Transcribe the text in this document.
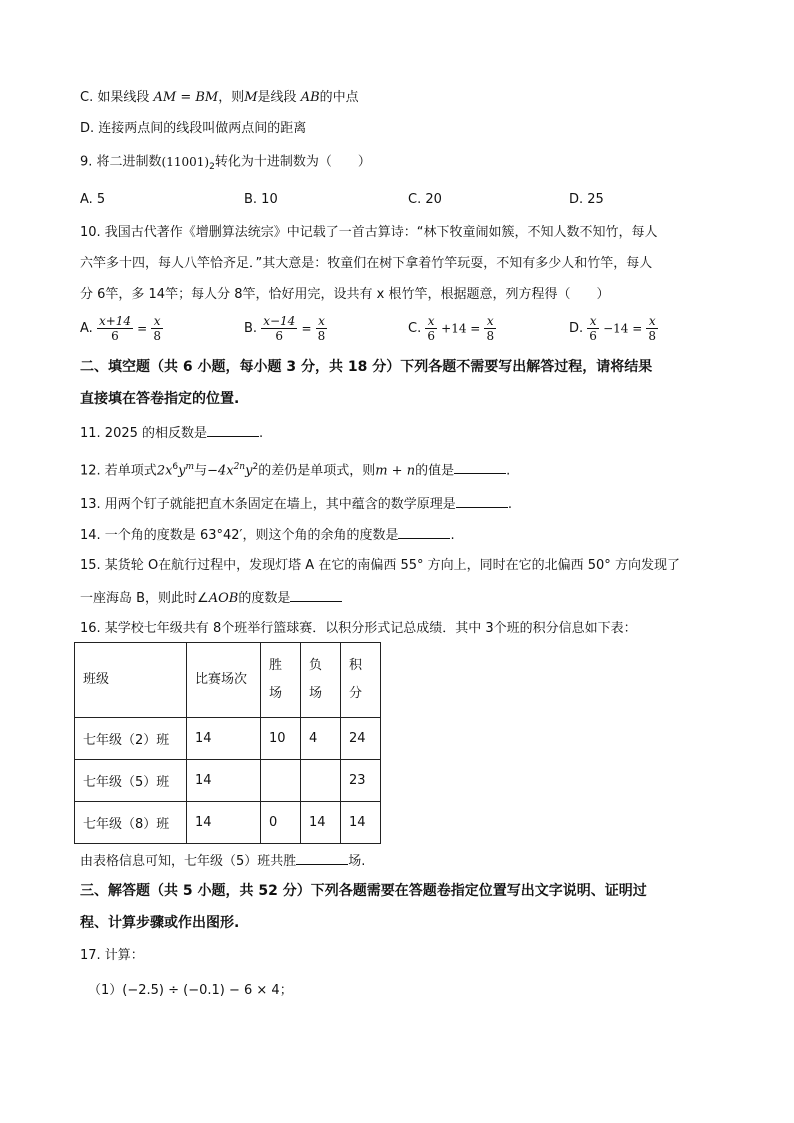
C. 如果线段 AM = BM，则M是线段 AB的中点
D. 连接两点间的线段叫做两点间的距离
9. 将二进制数$(11001)_2$转化为十进制数为（　　）
A. 5	B. 10	C. 20	D. 25
10. 我国古代著作《增删算法统宗》中记载了一首古算诗：“林下牧童闹如簇，不知人数不知竹，每人
六竿多十四，每人八竿恰齐足．”其大意是：牧童们在树下拿着竹竿玩耍，不知有多少人和竹竿，每人
分 6竿，多 14竿；每人分 8竿，恰好用完，设共有 x 根竹竿，根据题意，列方程得（　　）
A. $\frac{x+14}{6} = \frac{x}{8}$	B. $\frac{x-14}{6} = \frac{x}{8}$	C. $\frac{x}{6} +14 = \frac{x}{8}$	D. $\frac{x}{6} -14 = \frac{x}{8}$
二、填空题（共 6 小题，每小题 3 分，共 18 分）下列各题不需要写出解答过程，请将结果
直接填在答卷指定的位置.
11. 2025 的相反数是	.
12. 若单项式$2x^6y^m$与$-4x^{2n}y^2$的差仍是单项式，则m + n的值是	.
13. 用两个钉子就能把直木条固定在墙上，其中蕴含的数学原理是	.
14. 一个角的度数是 63°42′，则这个角的余角的度数是	.
15. 某货轮 O在航行过程中，发现灯塔 A 在它的南偏西 55° 方向上，同时在它的北偏西 50° 方向发现了
一座海岛 B，则此时∠AOB的度数是
16. 某学校七年级共有 8个班举行篮球赛．以积分形式记总成绩．其中 3个班的积分信息如下表：
班级	比赛场次	胜场	负场	积分
七年级（2）班	14	10	4	24
七年级（5）班	14			23
七年级（8）班	14	0	14	14
由表格信息可知，七年级（5）班共胜	场.
三、解答题（共 5 小题，共 52 分）下列各题需要在答题卷指定位置写出文字说明、证明过
程、计算步骤或作出图形.
17. 计算：
（1）(−2.5) ÷ (−0.1) − 6 × 4；
